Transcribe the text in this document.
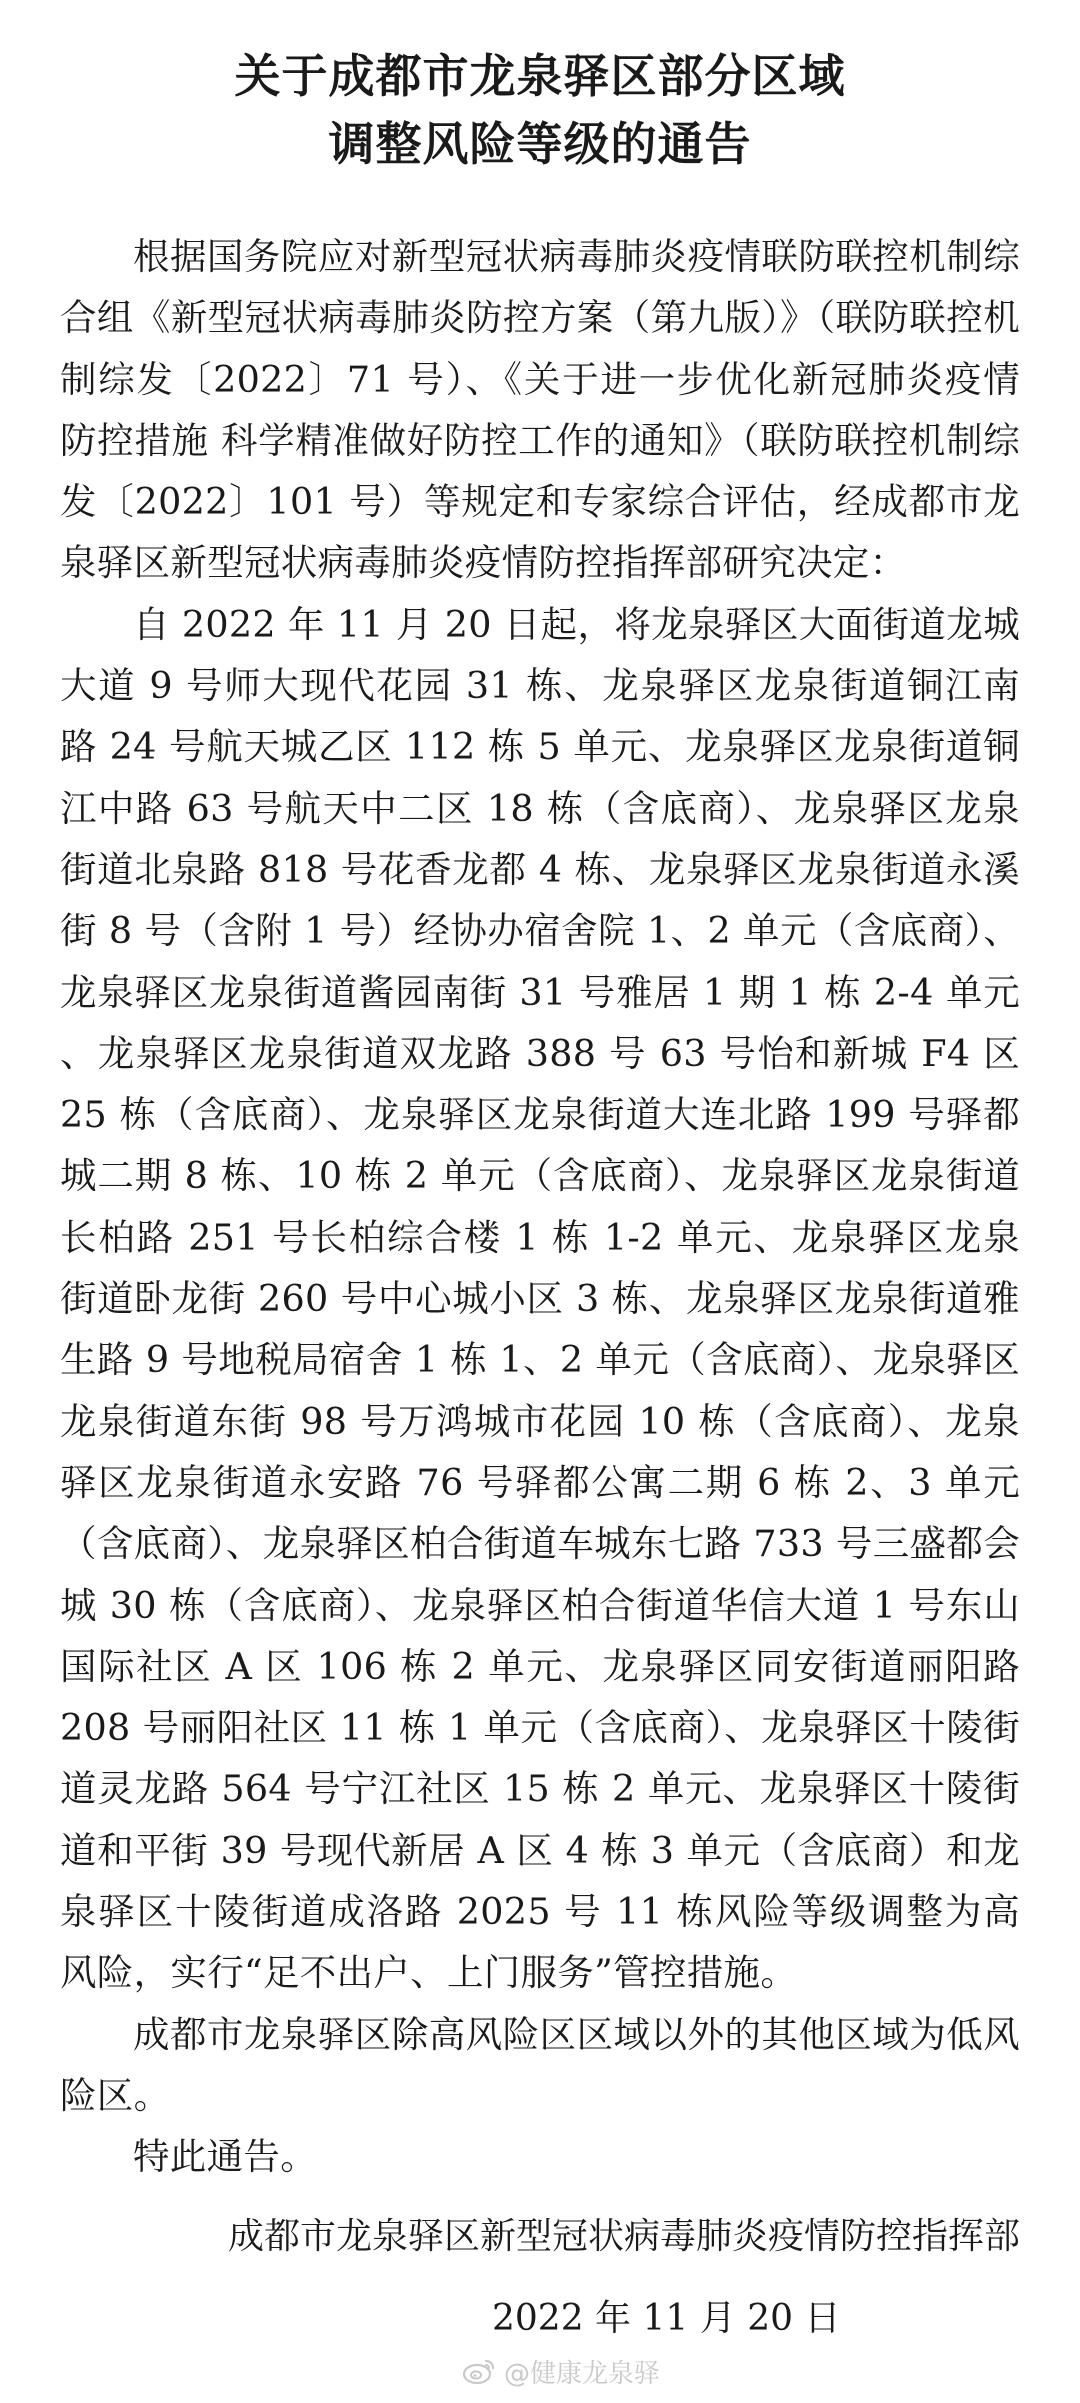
关于成都市龙泉驿区部分区域
调整风险等级的通告

根据国务院应对新型冠状病毒肺炎疫情联防联控机制综合组《新型冠状病毒肺炎防控方案（第九版）》（联防联控机制综发〔2022〕71 号）、《关于进一步优化新冠肺炎疫情防控措施 科学精准做好防控工作的通知》（联防联控机制综发〔2022〕101 号）等规定和专家综合评估，经成都市龙泉驿区新型冠状病毒肺炎疫情防控指挥部研究决定：

自 2022 年 11 月 20 日起，将龙泉驿区大面街道龙城大道 9 号师大现代花园 31 栋、龙泉驿区龙泉街道铜江南路 24 号航天城乙区 112 栋 5 单元、龙泉驿区龙泉街道铜江中路 63 号航天中二区 18 栋（含底商）、龙泉驿区龙泉街道北泉路 818 号花香龙都 4 栋、龙泉驿区龙泉街道永溪街 8 号（含附 1 号）经协办宿舍院 1、2 单元（含底商）、龙泉驿区龙泉街道酱园南街 31 号雅居 1 期 1 栋 2-4 单元、龙泉驿区龙泉街道双龙路 388 号 63 号怡和新城 F4 区 25 栋（含底商）、龙泉驿区龙泉街道大连北路 199 号驿都城二期 8 栋、10 栋 2 单元（含底商）、龙泉驿区龙泉街道长柏路 251 号长柏综合楼 1 栋 1-2 单元、龙泉驿区龙泉街道卧龙街 260 号中心城小区 3 栋、龙泉驿区龙泉街道雅生路 9 号地税局宿舍 1 栋 1、2 单元（含底商）、龙泉驿区龙泉街道东街 98 号万鸿城市花园 10 栋（含底商）、龙泉驿区龙泉街道永安路 76 号驿都公寓二期 6 栋 2、3 单元（含底商）、龙泉驿区柏合街道车城东七路 733 号三盛都会城 30 栋（含底商）、龙泉驿区柏合街道华信大道 1 号东山国际社区 A 区 106 栋 2 单元、龙泉驿区同安街道丽阳路 208 号丽阳社区 11 栋 1 单元（含底商）、龙泉驿区十陵街道灵龙路 564 号宁江社区 15 栋 2 单元、龙泉驿区十陵街道和平街 39 号现代新居 A 区 4 栋 3 单元（含底商）和龙泉驿区十陵街道成洛路 2025 号 11 栋风险等级调整为高风险，实行“足不出户、上门服务”管控措施。

成都市龙泉驿区除高风险区区域以外的其他区域为低风险区。

特此通告。

成都市龙泉驿区新型冠状病毒肺炎疫情防控指挥部
2022 年 11 月 20 日
@健康龙泉驿
